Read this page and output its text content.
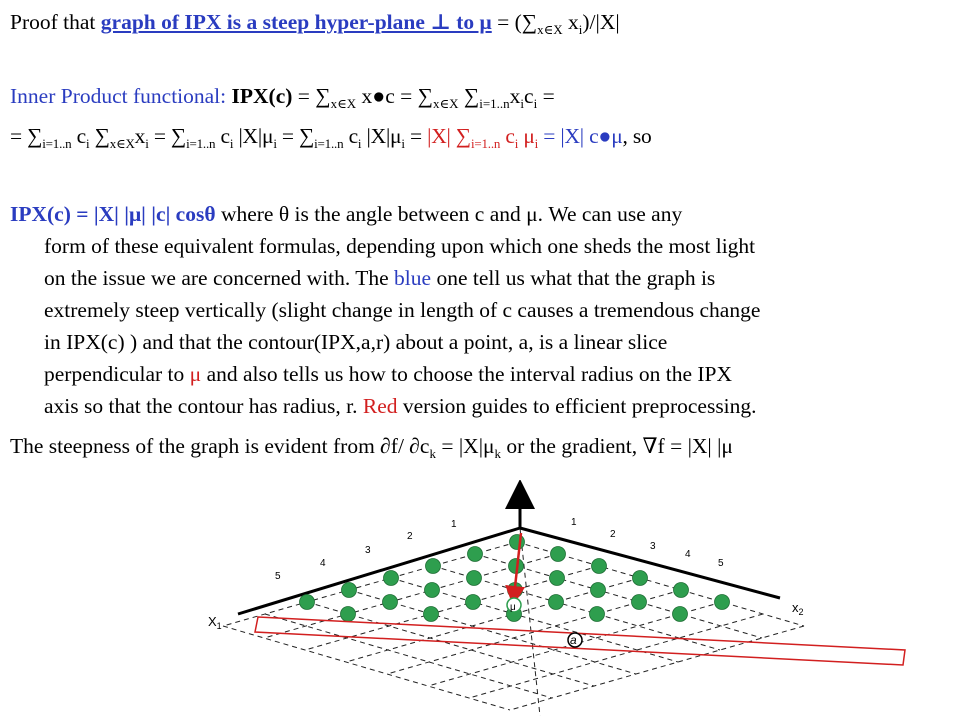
Proof that graph of IPX is a steep hyper-plane ⊥ to $\mu = (\sum_{x\in X}$ $x_i)/|X|$
Inner Product functional: $IPX(c) = \sum_{x\in X}$ x●c = $\sum_{x\in X}$ $\sum_{i=1..n}x_ic_i$ =
= $\sum_{i=1..n}$ $c_i$ $\sum_{x\in X}x_i = \sum_{i=1..n}$ $c_i$ $|X|\mu_i = \sum_{i=1..n}$ $c_i$ $|X|\mu_i = |X|$ $\sum_{i=1..n}$ $c_i$ $\mu_i = |X|$ c●μ, so
IPX(c) = |X| |μ| |c| cosθ where θ is the angle between c and μ. We can use any
form of these equivalent formulas, depending upon which one sheds the most light
on the issue we are concerned with. The blue one tell us what that the graph is
extremely steep vertically (slight change in length of c causes a tremendous change
in IPX(c) ) and that the contour(IPX,a,r) about a point, a, is a linear slice
perpendicular to μ and also tells us how to choose the interval radius on the IPX
axis so that the contour has radius, r. Red version guides to efficient preprocessing.
The steepness of the graph is evident from ∂f/ $\partial c_k = |X|\mu_k$ or the gradient, ∇f = |X| |μ
1
2
3
4
5
1
2
3
4
5
$X_1$
$x_2$
μ
a
